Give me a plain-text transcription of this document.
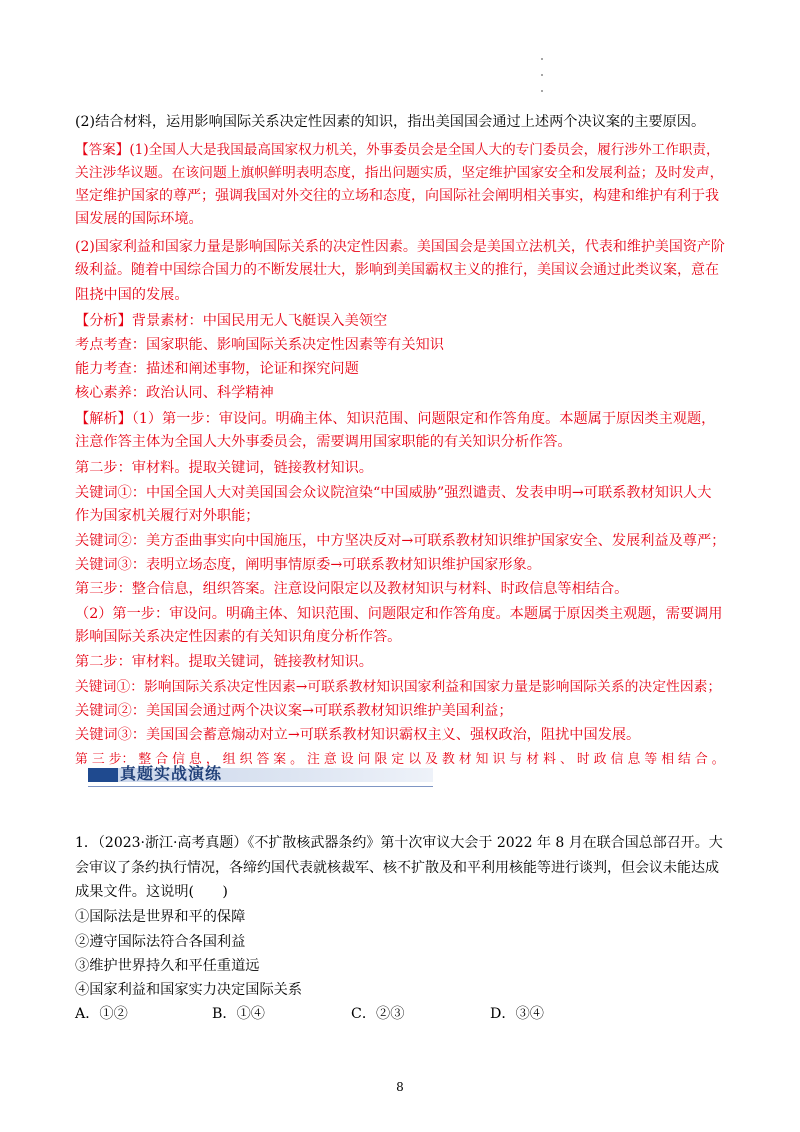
(2)结合材料，运用影响国际关系决定性因素的知识，指出美国国会通过上述两个决议案的主要原因。
【答案】(1)全国人大是我国最高国家权力机关，外事委员会是全国人大的专门委员会，履行涉外工作职责，
关注涉华议题。在该问题上旗帜鲜明表明态度，指出问题实质，坚定维护国家安全和发展利益；及时发声，
坚定维护国家的尊严；强调我国对外交往的立场和态度，向国际社会阐明相关事实，构建和维护有利于我
国发展的国际环境。
(2)国家利益和国家力量是影响国际关系的决定性因素。美国国会是美国立法机关，代表和维护美国资产阶
级利益。随着中国综合国力的不断发展壮大，影响到美国霸权主义的推行，美国议会通过此类议案，意在
阻挠中国的发展。
【分析】背景素材：中国民用无人飞艇误入美领空
考点考查：国家职能、影响国际关系决定性因素等有关知识
能力考查：描述和阐述事物，论证和探究问题
核心素养：政治认同、科学精神
【解析】（1）第一步：审设问。明确主体、知识范围、问题限定和作答角度。本题属于原因类主观题，
注意作答主体为全国人大外事委员会，需要调用国家职能的有关知识分析作答。
第二步：审材料。提取关键词，链接教材知识。
关键词①：中国全国人大对美国国会众议院渲染“中国威胁”强烈谴责、发表申明→可联系教材知识人大
作为国家机关履行对外职能；
关键词②：美方歪曲事实向中国施压，中方坚决反对→可联系教材知识维护国家安全、发展利益及尊严；
关键词③：表明立场态度，阐明事情原委→可联系教材知识维护国家形象。
第三步：整合信息，组织答案。注意设问限定以及教材知识与材料、时政信息等相结合。
（2）第一步：审设问。明确主体、知识范围、问题限定和作答角度。本题属于原因类主观题，需要调用
影响国际关系决定性因素的有关知识角度分析作答。
第二步：审材料。提取关键词，链接教材知识。
关键词①：影响国际关系决定性因素→可联系教材知识国家利益和国家力量是影响国际关系的决定性因素；
关键词②：美国国会通过两个决议案→可联系教材知识维护美国利益；
关键词③：美国国会蓄意煽动对立→可联系教材知识霸权主义、强权政治，阻扰中国发展。
第 三 步： 整 合 信 息 ， 组 织 答 案 。 注 意 设 问 限 定 以 及 教 材 知 识 与 材 料 、 时 政 信 息 等 相 结 合 。
真题实战演练
1．（2023·浙江·高考真题）《不扩散核武器条约》第十次审议大会于 2022 年 8 月在联合国总部召开。大
会审议了条约执行情况，各缔约国代表就核裁军、核不扩散及和平利用核能等进行谈判，但会议未能达成
成果文件。这说明(　　)
①国际法是世界和平的保障
②遵守国际法符合各国利益
③维护世界持久和平任重道远
④国家利益和国家实力决定国际关系
A．①②	B．①④	C．②③	D．③④
8
